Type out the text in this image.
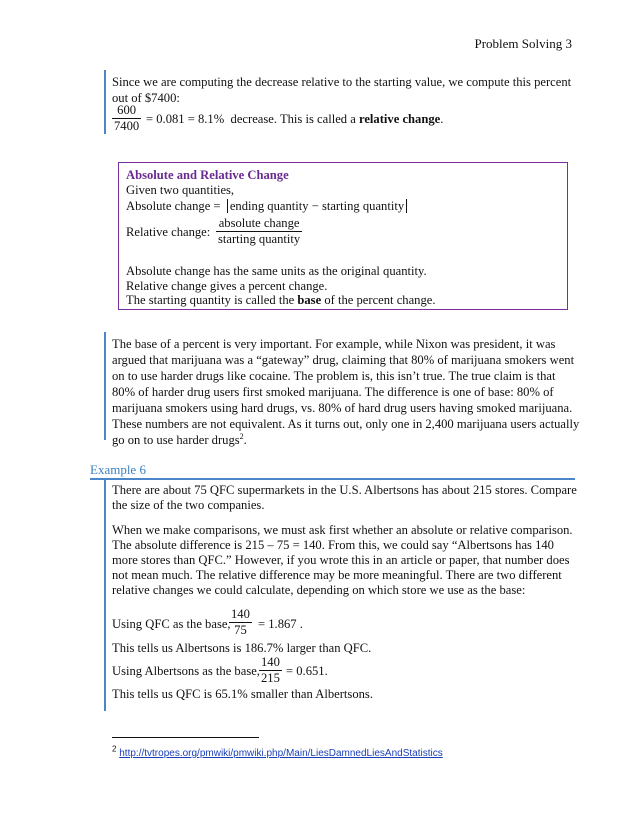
Problem Solving 3
Since we are computing the decrease relative to the starting value, we compute this percent
out of $7400:
$\frac{600}{7400} = 0.081 = 8.1\%$ decrease. This is called a relative change.
Absolute and Relative Change
Given two quantities,
Absolute change = ending quantity − starting quantity
Relative change:
absolute change
starting quantity
Absolute change has the same units as the original quantity.
Relative change gives a percent change.
The starting quantity is called the base of the percent change.
The base of a percent is very important. For example, while Nixon was president, it was
argued that marijuana was a “gateway” drug, claiming that 80% of marijuana smokers went
on to use harder drugs like cocaine. The problem is, this isn’t true. The true claim is that
80% of harder drug users first smoked marijuana. The difference is one of base: 80% of
marijuana smokers using hard drugs, vs. 80% of hard drug users having smoked marijuana.
These numbers are not equivalent. As it turns out, only one in 2,400 marijuana users actually
go on to use harder drugs$^2$.
Example 6
There are about 75 QFC supermarkets in the U.S. Albertsons has about 215 stores. Compare
the size of the two companies.
When we make comparisons, we must ask first whether an absolute or relative comparison.
The absolute difference is 215 – 75 = 140. From this, we could say “Albertsons has 140
more stores than QFC.” However, if you wrote this in an article or paper, that number does
not mean much. The relative difference may be more meaningful. There are two different
relative changes we could calculate, depending on which store we use as the base:
Using QFC as the base,
$\frac{140}{75} = 1.867$ .
This tells us Albertsons is 186.7% larger than QFC.
Using Albertsons as the base, $\frac{140}{215} = 0.651$.
This tells us QFC is 65.1% smaller than Albertsons.
$^2$ http://tvtropes.org/pmwiki/pmwiki.php/Main/LiesDamnedLiesAndStatistics
